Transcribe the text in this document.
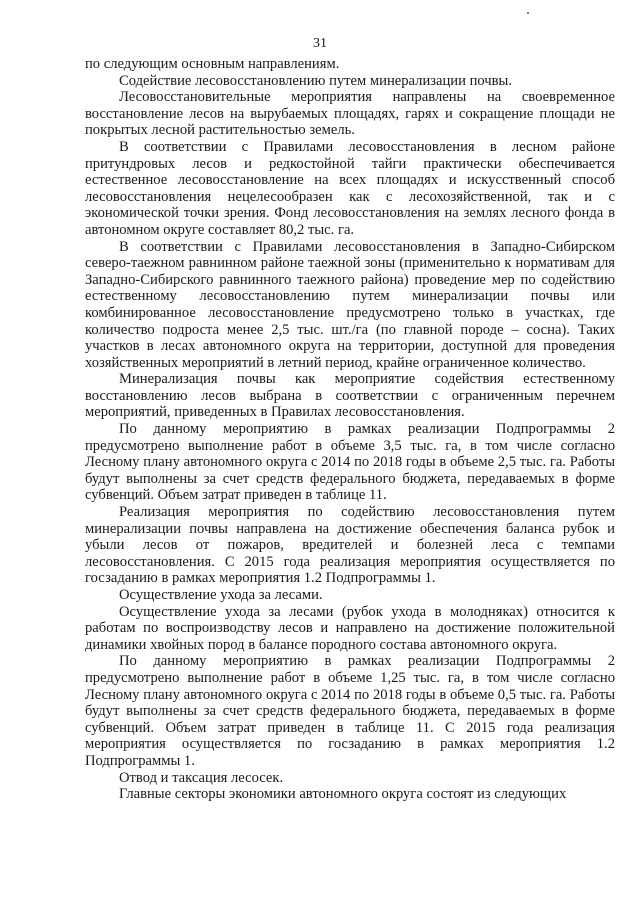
31

по следующим основным направлениям.

Содействие лесовосстановлению путем минерализации почвы.

Лесовосстановительные мероприятия направлены на своевременное восстановление лесов на вырубаемых площадях, гарях и сокращение площади не покрытых лесной растительностью земель.

В соответствии с Правилами лесовосстановления в лесном районе притундровых лесов и редкостойной тайги практически обеспечивается естественное лесовосстановление на всех площадях и искусственный способ лесовосстановления нецелесообразен как с лесохозяйственной, так и с экономической точки зрения. Фонд лесовосстановления на землях лесного фонда в автономном округе составляет 80,2 тыс. га.

В соответствии с Правилами лесовосстановления в Западно-Сибирском северо-таежном равнинном районе таежной зоны (применительно к нормативам для Западно-Сибирского равнинного таежного района) проведение мер по содействию естественному лесовосстановлению путем минерализации почвы или комбинированное лесовосстановление предусмотрено только в участках, где количество подроста менее 2,5 тыс. шт./га (по главной породе – сосна). Таких участков в лесах автономного округа на территории, доступной для проведения хозяйственных мероприятий в летний период, крайне ограниченное количество.

Минерализация почвы как мероприятие содействия естественному восстановлению лесов выбрана в соответствии с ограниченным перечнем мероприятий, приведенных в Правилах лесовосстановления.

По данному мероприятию в рамках реализации Подпрограммы 2 предусмотрено выполнение работ в объеме 3,5 тыс. га, в том числе согласно Лесному плану автономного округа с 2014 по 2018 годы в объеме 2,5 тыс. га. Работы будут выполнены за счет средств федерального бюджета, передаваемых в форме субвенций. Объем затрат приведен в таблице 11.

Реализация мероприятия по содействию лесовосстановления путем минерализации почвы направлена на достижение обеспечения баланса рубок и убыли лесов от пожаров, вредителей и болезней леса с темпами лесовосстановления. С 2015 года реализация мероприятия осуществляется по госзаданию в рамках мероприятия 1.2 Подпрограммы 1.

Осуществление ухода за лесами.

Осуществление ухода за лесами (рубок ухода в молодняках) относится к работам по воспроизводству лесов и направлено на достижение положительной динамики хвойных пород в балансе породного состава автономного округа.

По данному мероприятию в рамках реализации Подпрограммы 2 предусмотрено выполнение работ в объеме 1,25 тыс. га, в том числе согласно Лесному плану автономного округа с 2014 по 2018 годы в объеме 0,5 тыс. га. Работы будут выполнены за счет средств федерального бюджета, передаваемых в форме субвенций. Объем затрат приведен в таблице 11. С 2015 года реализация мероприятия осуществляется по госзаданию в рамках мероприятия 1.2 Подпрограммы 1.

Отвод и таксация лесосек.

Главные секторы экономики автономного округа состоят из следующих
